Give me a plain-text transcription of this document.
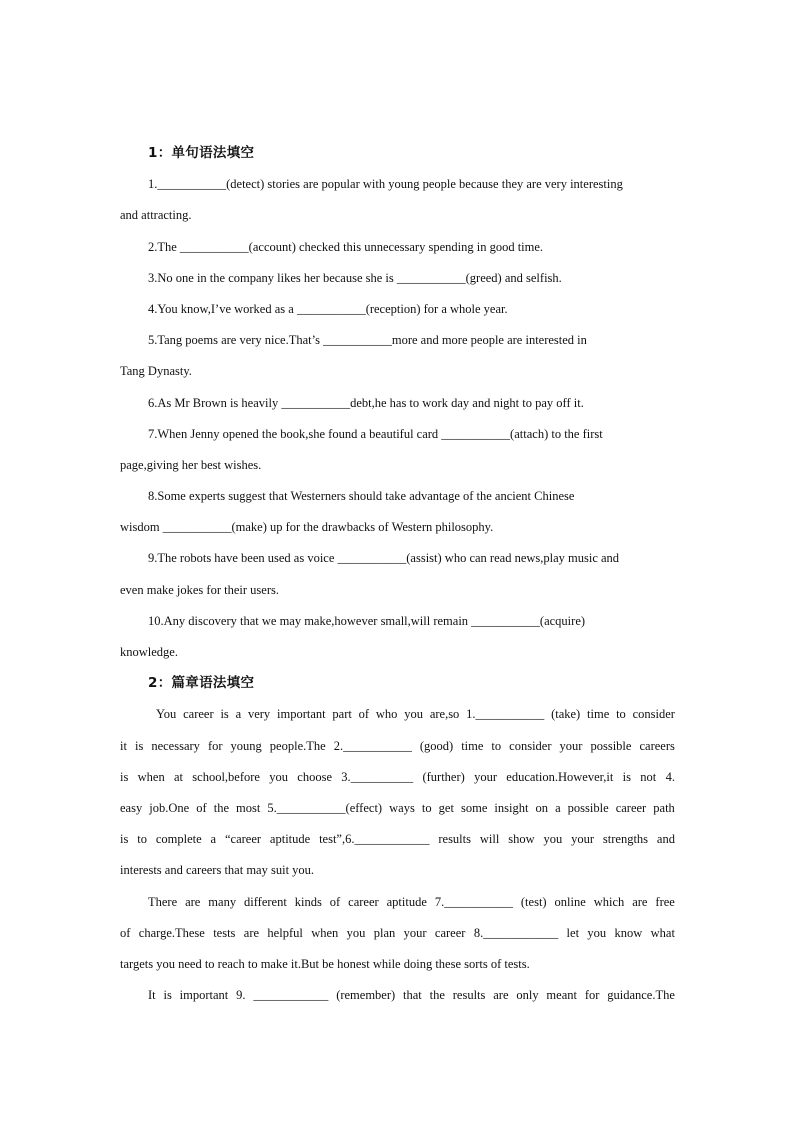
1：单句语法填空
1.___________(detect) stories are popular with young people because they are very interesting
and attracting.
2.The ___________(account) checked this unnecessary spending in good time.
3.No one in the company likes her because she is ___________(greed) and selfish.
4.You know,I’ve worked as a ___________(reception) for a whole year.
5.Tang poems are very nice.That’s ___________more and more people are interested in
Tang Dynasty.
6.As Mr Brown is heavily ___________debt,he has to work day and night to pay off it.
7.When Jenny opened the book,she found a beautiful card ___________(attach) to the first
page,giving her best wishes.
8.Some experts suggest that Westerners should take advantage of the ancient Chinese
wisdom ___________(make) up for the drawbacks of Western philosophy.
9.The robots have been used as voice ___________(assist) who can read news,play music and
even make jokes for their users.
10.Any discovery that we may make,however small,will remain ___________(acquire)
knowledge.
2：篇章语法填空
You career is a very important part of who you are,so 1.___________ (take) time to consider
it is necessary for young people.The 2.___________ (good) time to consider your possible careers
is when at school,before you choose 3.__________ (further) your education.However,it is not 4.
easy job.One of the most 5.___________(effect) ways to get some insight on a possible career path
is to complete a “career aptitude test”,6.____________ results will show you your strengths and
interests and careers that may suit you.
There are many different kinds of career aptitude 7.___________ (test) online which are free
of charge.These tests are helpful when you plan your career 8.____________ let you know what
targets you need to reach to make it.But be honest while doing these sorts of tests.
It is important 9. ____________ (remember) that the results are only meant for guidance.The
